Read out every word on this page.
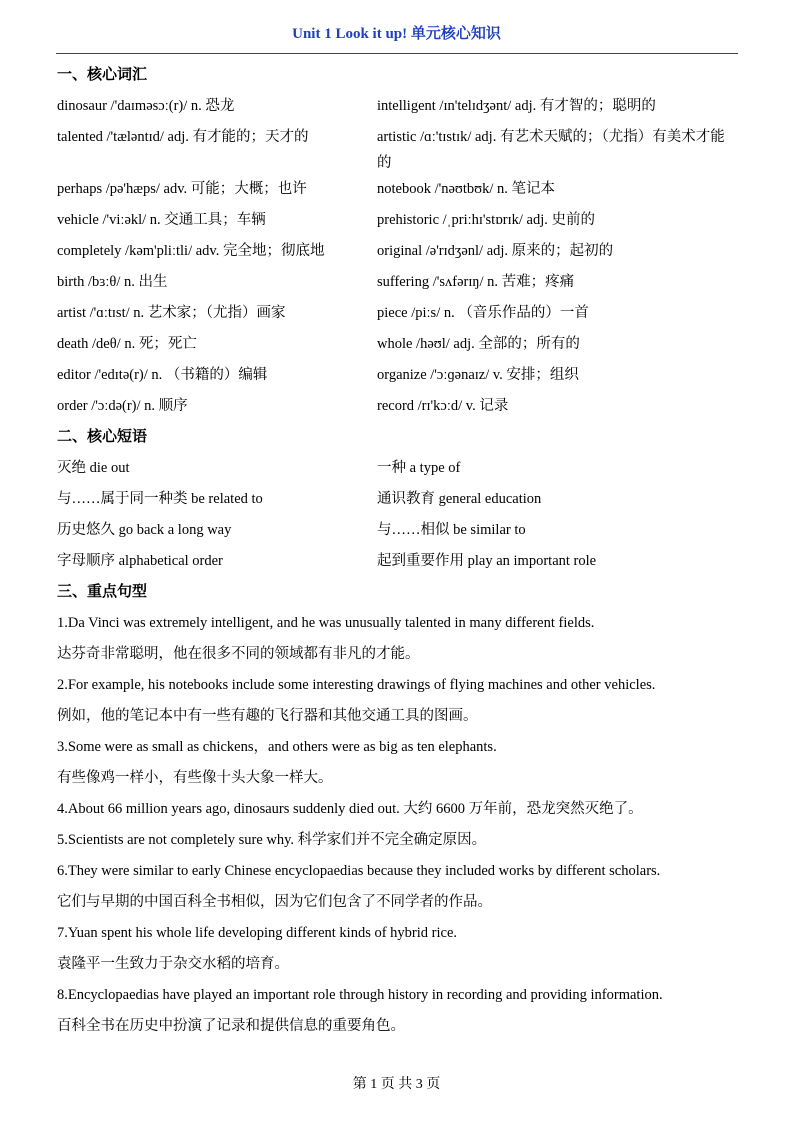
Unit 1 Look it up! 单元核心知识
一、核心词汇
dinosaur /'daɪməsɔː(r)/ n. 恐龙	intelligent /ɪn'telɪdʒənt/ adj. 有才智的；聪明的
talented /'tæləntɪd/ adj. 有才能的；天才的	artistic /ɑː'tɪstɪk/ adj. 有艺术天赋的；（尤指）有美术才能的
perhaps /pə'hæps/ adv. 可能；大概；也许	notebook /'nəʊtbʊk/ n. 笔记本
vehicle /'viːəkl/ n. 交通工具；车辆	prehistoric /ˌpriːhɪ'stɒrɪk/ adj. 史前的
completely /kəm'pliːtli/ adv. 完全地；彻底地	original /ə'rɪdʒənl/ adj. 原来的；起初的
birth /bɜːθ/ n. 出生	suffering /'sʌfərɪŋ/ n. 苦难；疼痛
artist /'ɑːtɪst/ n. 艺术家；（尤指）画家	piece /piːs/ n. （音乐作品的）一首
death /deθ/ n. 死；死亡	whole /həʊl/ adj. 全部的；所有的
editor /'edɪtə(r)/ n. （书籍的）编辑	organize /'ɔːɡənaɪz/ v. 安排；组织
order /'ɔːdə(r)/ n. 顺序	record /rɪ'kɔːd/ v. 记录
二、核心短语
灭绝 die out	一种 a type of
与……属于同一种类 be related to	通识教育 general education
历史悠久 go back a long way	与……相似 be similar to
字母顺序 alphabetical order	起到重要作用 play an important role
三、重点句型
1.Da Vinci was extremely intelligent, and he was unusually talented in many different fields.
达芬奇非常聪明，他在很多不同的领域都有非凡的才能。
2.For example, his notebooks include some interesting drawings of flying machines and other vehicles.
例如，他的笔记本中有一些有趣的飞行器和其他交通工具的图画。
3.Some were as small as chickens，and others were as big as ten elephants.
有些像鸡一样小，有些像十头大象一样大。
4.About 66 million years ago, dinosaurs suddenly died out. 大约 6600 万年前，恐龙突然灭绝了。
5.Scientists are not completely sure why. 科学家们并不完全确定原因。
6.They were similar to early Chinese encyclopaedias because they included works by different scholars.
它们与早期的中国百科全书相似，因为它们包含了不同学者的作品。
7.Yuan spent his whole life developing different kinds of hybrid rice.
袁隆平一生致力于杂交水稻的培育。
8.Encyclopaedias have played an important role through history in recording and providing information.
百科全书在历史中扮演了记录和提供信息的重要角色。
第 1 页 共 3 页
